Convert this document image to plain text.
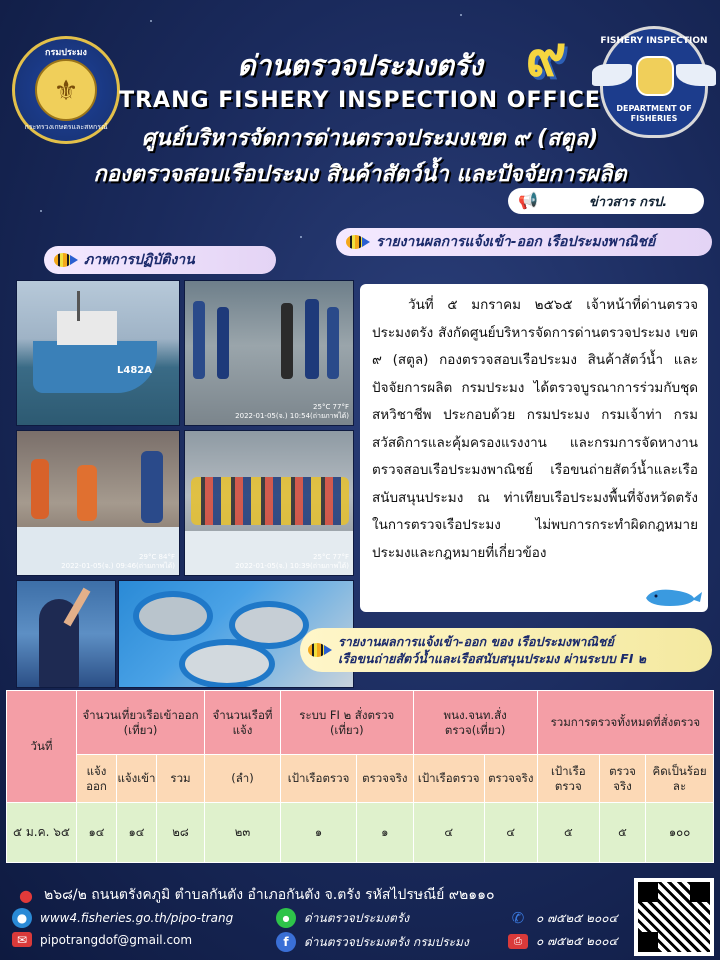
กรมประมง
⚜
กระทรวงเกษตรและสหกรณ์
๙	FISHERY INSPECTION
DEPARTMENT OF FISHERIES
ด่านตรวจประมงตรัง
TRANG FISHERY INSPECTION OFFICE
ศูนย์บริหารจัดการด่านตรวจประมงเขต ๙ (สตูล)
กองตรวจสอบเรือประมง สินค้าสัตว์น้ำ และปัจจัยการผลิต
📢	ข่าวสาร กรป.
ภาพการปฏิบัติงาน
รายงานผลการแจ้งเข้า-ออก เรือประมงพาณิชย์
L482A
25°C 77°F
2022-01-05(จ.) 10:54(ถ่ายภาพได้)
29°C 84°F
2022-01-05(จ.) 09:46(ถ่ายภาพได้)
25°C 77°F
2022-01-05(จ.) 10:39(ถ่ายภาพได้)

วันที่ ๕ มกราคม ๒๕๖๕ เจ้าหน้าที่ด่านตรวจประมงตรัง สังกัดศูนย์บริหารจัดการด่านตรวจประมง เขต ๙ (สตูล) กองตรวจสอบเรือประมง สินค้าสัตว์น้ำ และปัจจัยการผลิต กรมประมง ได้ตรวจบูรณาการร่วมกับชุดสหวิชาชีพ ประกอบด้วย กรมประมง กรมเจ้าท่า กรมสวัสดิการและคุ้มครองแรงงาน และกรมการจัดหางาน ตรวจสอบเรือประมงพาณิชย์ เรือขนถ่ายสัตว์น้ำและเรือสนับสนุนประมง ณ ท่าเทียบเรือประมงพื้นที่จังหวัดตรัง ในการตรวจเรือประมง ไม่พบการกระทำผิดกฎหมายประมงและกฎหมายที่เกี่ยวข้อง

รายงานผลการแจ้งเข้า-ออก ของ เรือประมงพาณิชย์
เรือขนถ่ายสัตว์น้ำและเรือสนับสนุนประมง ผ่านระบบ FI ๒
วันที่	จำนวนเที่ยวเรือเข้าออก (เที่ยว)			จำนวนเรือที่แจ้ง	ระบบ FI ๒ สั่งตรวจ (เที่ยว)		พนง.จนท.สั่งตรวจ(เที่ยว)		รวมการตรวจทั้งหมดที่สั่งตรวจ		
	แจ้งออก	แจ้งเข้า	รวม	(ลำ)	เป้าเรือตรวจ	ตรวจจริง	เป้าเรือตรวจ	ตรวจจริง	เป้าเรือตรวจ	ตรวจจริง	คิดเป็นร้อยละ
๕ ม.ค. ๖๕	๑๔	๑๔	๒๘	๒๓	๑	๑	๔	๔	๕	๕	๑๐๐
● ๒๖๘/๒ ถนนตรังคภูมิ ตำบลกันตัง อำเภอกันตัง จ.ตรัง รหัสไปรษณีย์ ๙๒๑๑๐
●	www4.fisheries.go.th/pipo-trang	●	ด่านตรวจประมงตรัง	✆ ๐ ๗๕๒๕ ๒๐๐๔
✉	pipotrangdof@gmail.com	f	ด่านตรวจประมงตรัง กรมประมง	⎙	๐ ๗๕๒๕ ๒๐๐๔
